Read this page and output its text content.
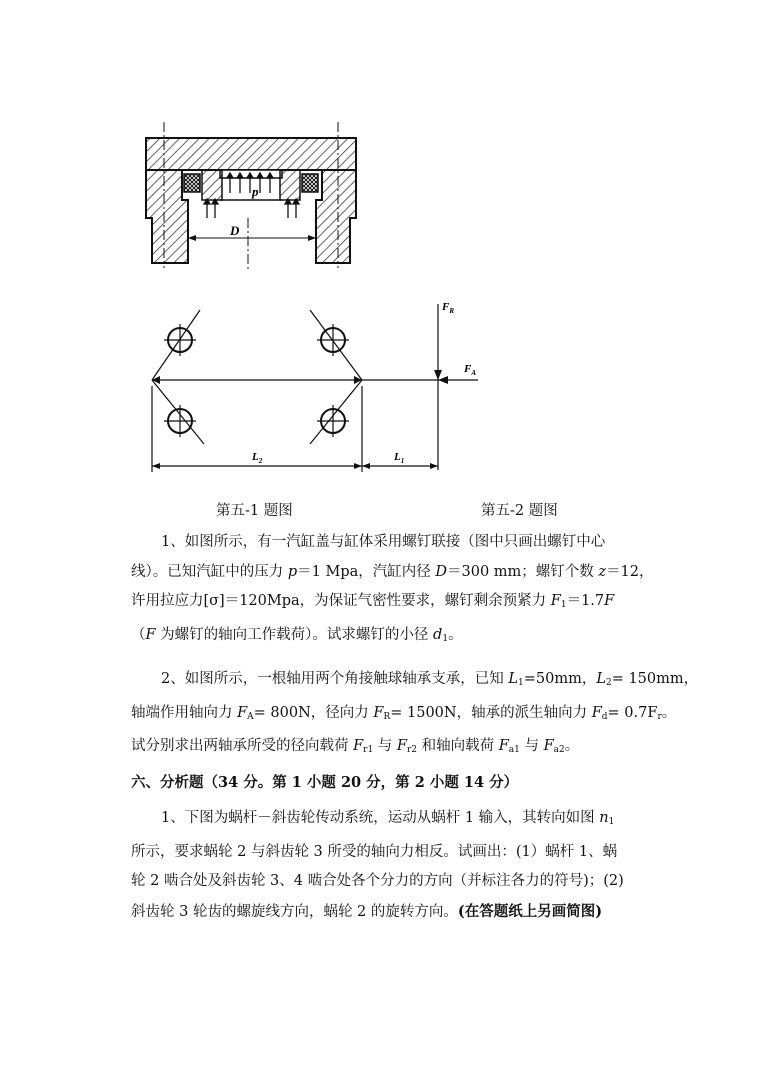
p
D
$F_R$
$F_A$
$L_2$	$L_1$
第五-1 题图	第五-2 题图
1、如图所示，有一汽缸盖与缸体采用螺钉联接（图中只画出螺钉中心
线）。已知汽缸中的压力 p＝1 Mpa，汽缸内径 D＝300 mm；螺钉个数 z＝12，
许用拉应力[σ]＝120Mpa，为保证气密性要求，螺钉剩余预紧力 $F_1=1.7F$
（F 为螺钉的轴向工作载荷）。试求螺钉的小径 $d_1$。
2、如图所示，一根轴用两个角接触球轴承支承，已知 $L_1=50mm$，$L_2= 150mm$，
轴端作用轴向力 $F_A= 800N$，径向力 $F_R= 1500N$，轴承的派生轴向力 $F_d= 0.7F_r$。
试分别求出两轴承所受的径向载荷 $F_{r1}$ 与 $F_{r2}$ 和轴向载荷 $F_{a1}$ 与 $F_{a2}$。
六、分析题（34 分。第 1 小题 20 分，第 2 小题 14 分）
1、下图为蜗杆－斜齿轮传动系统，运动从蜗杆 1 输入，其转向如图 $n_1$
所示，要求蜗轮 2 与斜齿轮 3 所受的轴向力相反。试画出：(1）蜗杆 1、蜗
轮 2 啮合处及斜齿轮 3、4 啮合处各个分力的方向（并标注各力的符号)；(2)
斜齿轮 3 轮齿的螺旋线方向，蜗轮 2 的旋转方向。(在答题纸上另画简图)
